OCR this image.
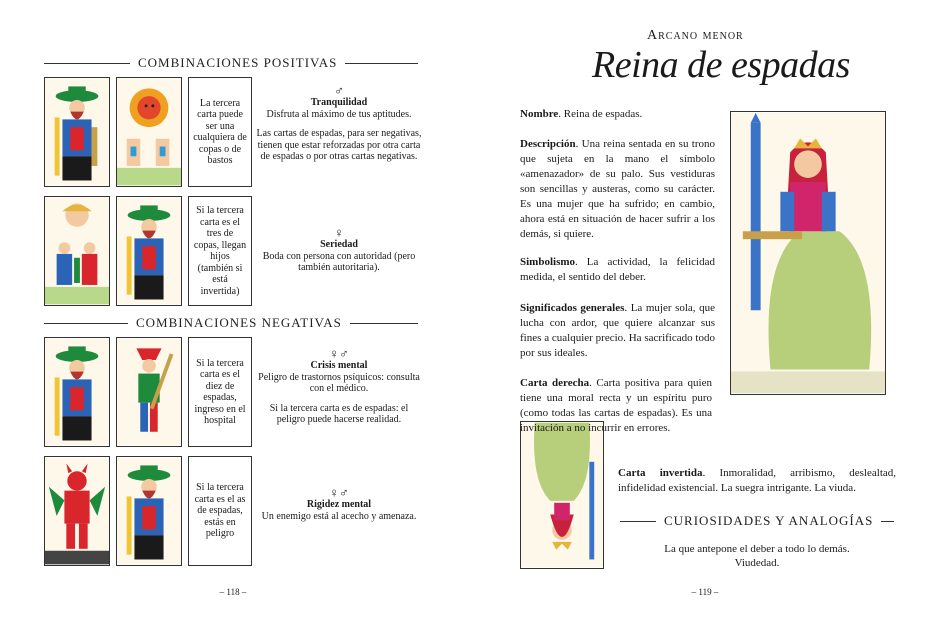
COMBINACIONES POSITIVAS
La tercera carta puede ser una cualquiera de copas o de bastos
♂
Tranquilidad

Disfruta al máximo de tus aptitudes.

Las cartas de espadas, para ser negativas, tienen que estar reforzadas por otra carta de espadas o por otras cartas negativas.

Si la tercera carta es el tres de copas, llegan hijos (también si está invertida)
♀
Seriedad

Boda con persona con autoridad (pero también autoritaria).

COMBINACIONES NEGATIVAS
Si la tercera carta es el diez de espadas, ingreso en el hospital
♀♂
Crisis mental

Peligro de trastornos psíquicos: consulta con el médico.

Si la tercera carta es de espadas: el peligro puede hacerse realidad.

Si la tercera carta es el as de espadas, estás en peligro
♀♂
Rigidez mental

Un enemigo está al acecho y amenaza.

– 118 –
Arcano menor
Reina de espadas
Nombre. Reina de espadas.
Descripción. Una reina sentada en su trono que sujeta en la mano el símbolo «amenazador» de su palo. Sus vestiduras son sencillas y austeras, como su carácter. Es una mujer que ha sufrido; en cambio, ahora está en situación de hacer sufrir a los demás, si quiere.
Simbolismo. La actividad, la felicidad medida, el sentido del deber.
Significados generales. La mujer sola, que lucha con ardor, que quiere alcanzar sus fines a cualquier precio. Ha sacrificado todo por sus ideales.
Carta derecha. Carta positiva para quien tiene una moral recta y un espíritu puro (como todas las cartas de espadas). Es una invitación a no incurrir en errores.
Carta invertida. Inmoralidad, arribismo, deslealtad, infidelidad existencial. La suegra intrigante. La viuda.
CURIOSIDADES Y ANALOGÍAS
La que antepone el deber a todo lo demás.
Viudedad.
– 119 –
